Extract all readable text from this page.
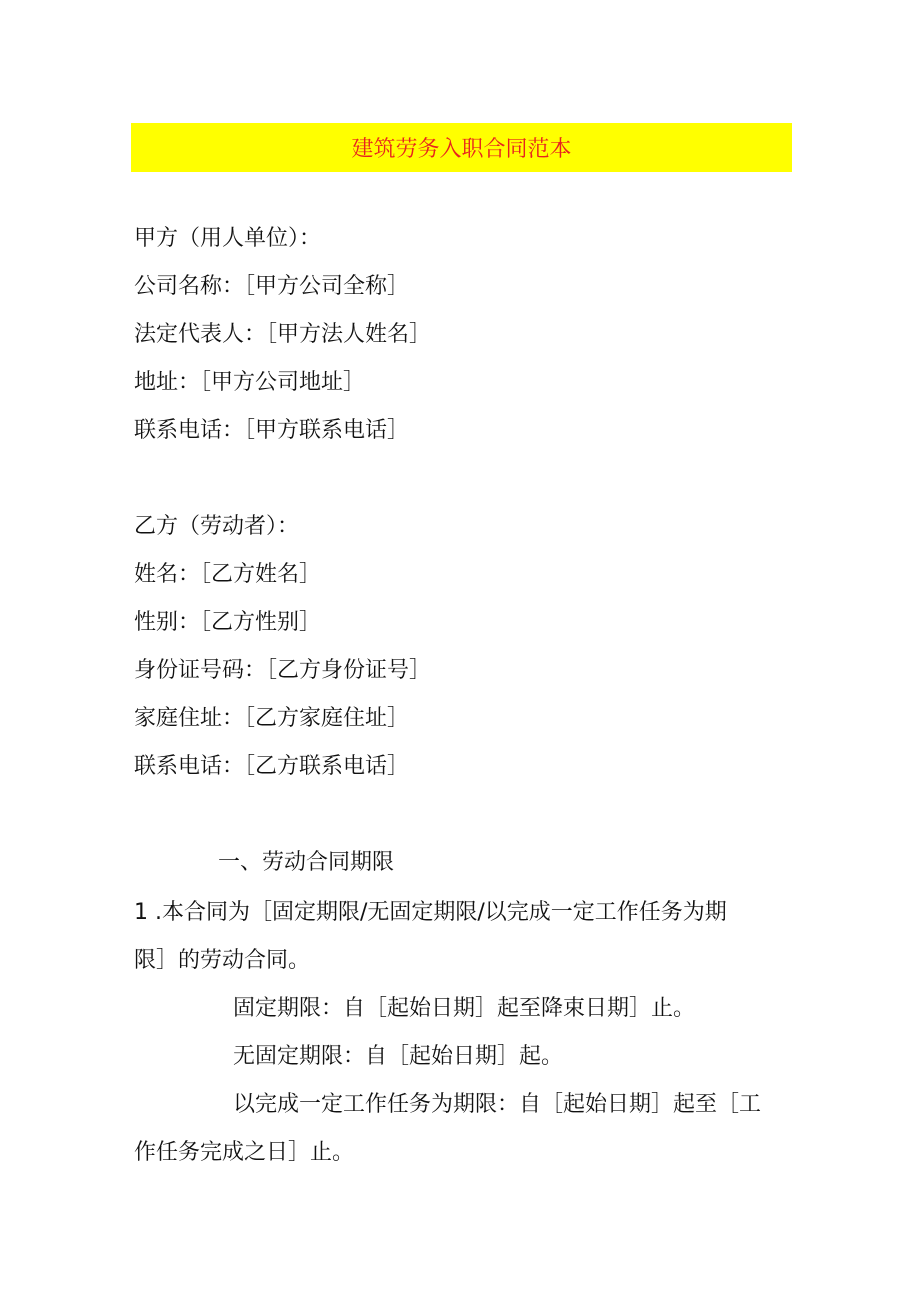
建筑劳务入职合同范本
甲方（用人单位）：
公司名称：［甲方公司全称］
法定代表人：［甲方法人姓名］
地址：［甲方公司地址］
联系电话：［甲方联系电话］
乙方（劳动者）：
姓名：［乙方姓名］
性别：［乙方性别］
身份证号码：［乙方身份证号］
家庭住址：［乙方家庭住址］
联系电话：［乙方联系电话］
一、劳动合同期限
1 .本合同为［固定期限/无固定期限/以完成一定工作任务为期
限］的劳动合同。
固定期限：自［起始日期］起至降束日期］止。
无固定期限：自［起始日期］起。
以完成一定工作任务为期限：自［起始日期］起至［工
作任务完成之日］止。
